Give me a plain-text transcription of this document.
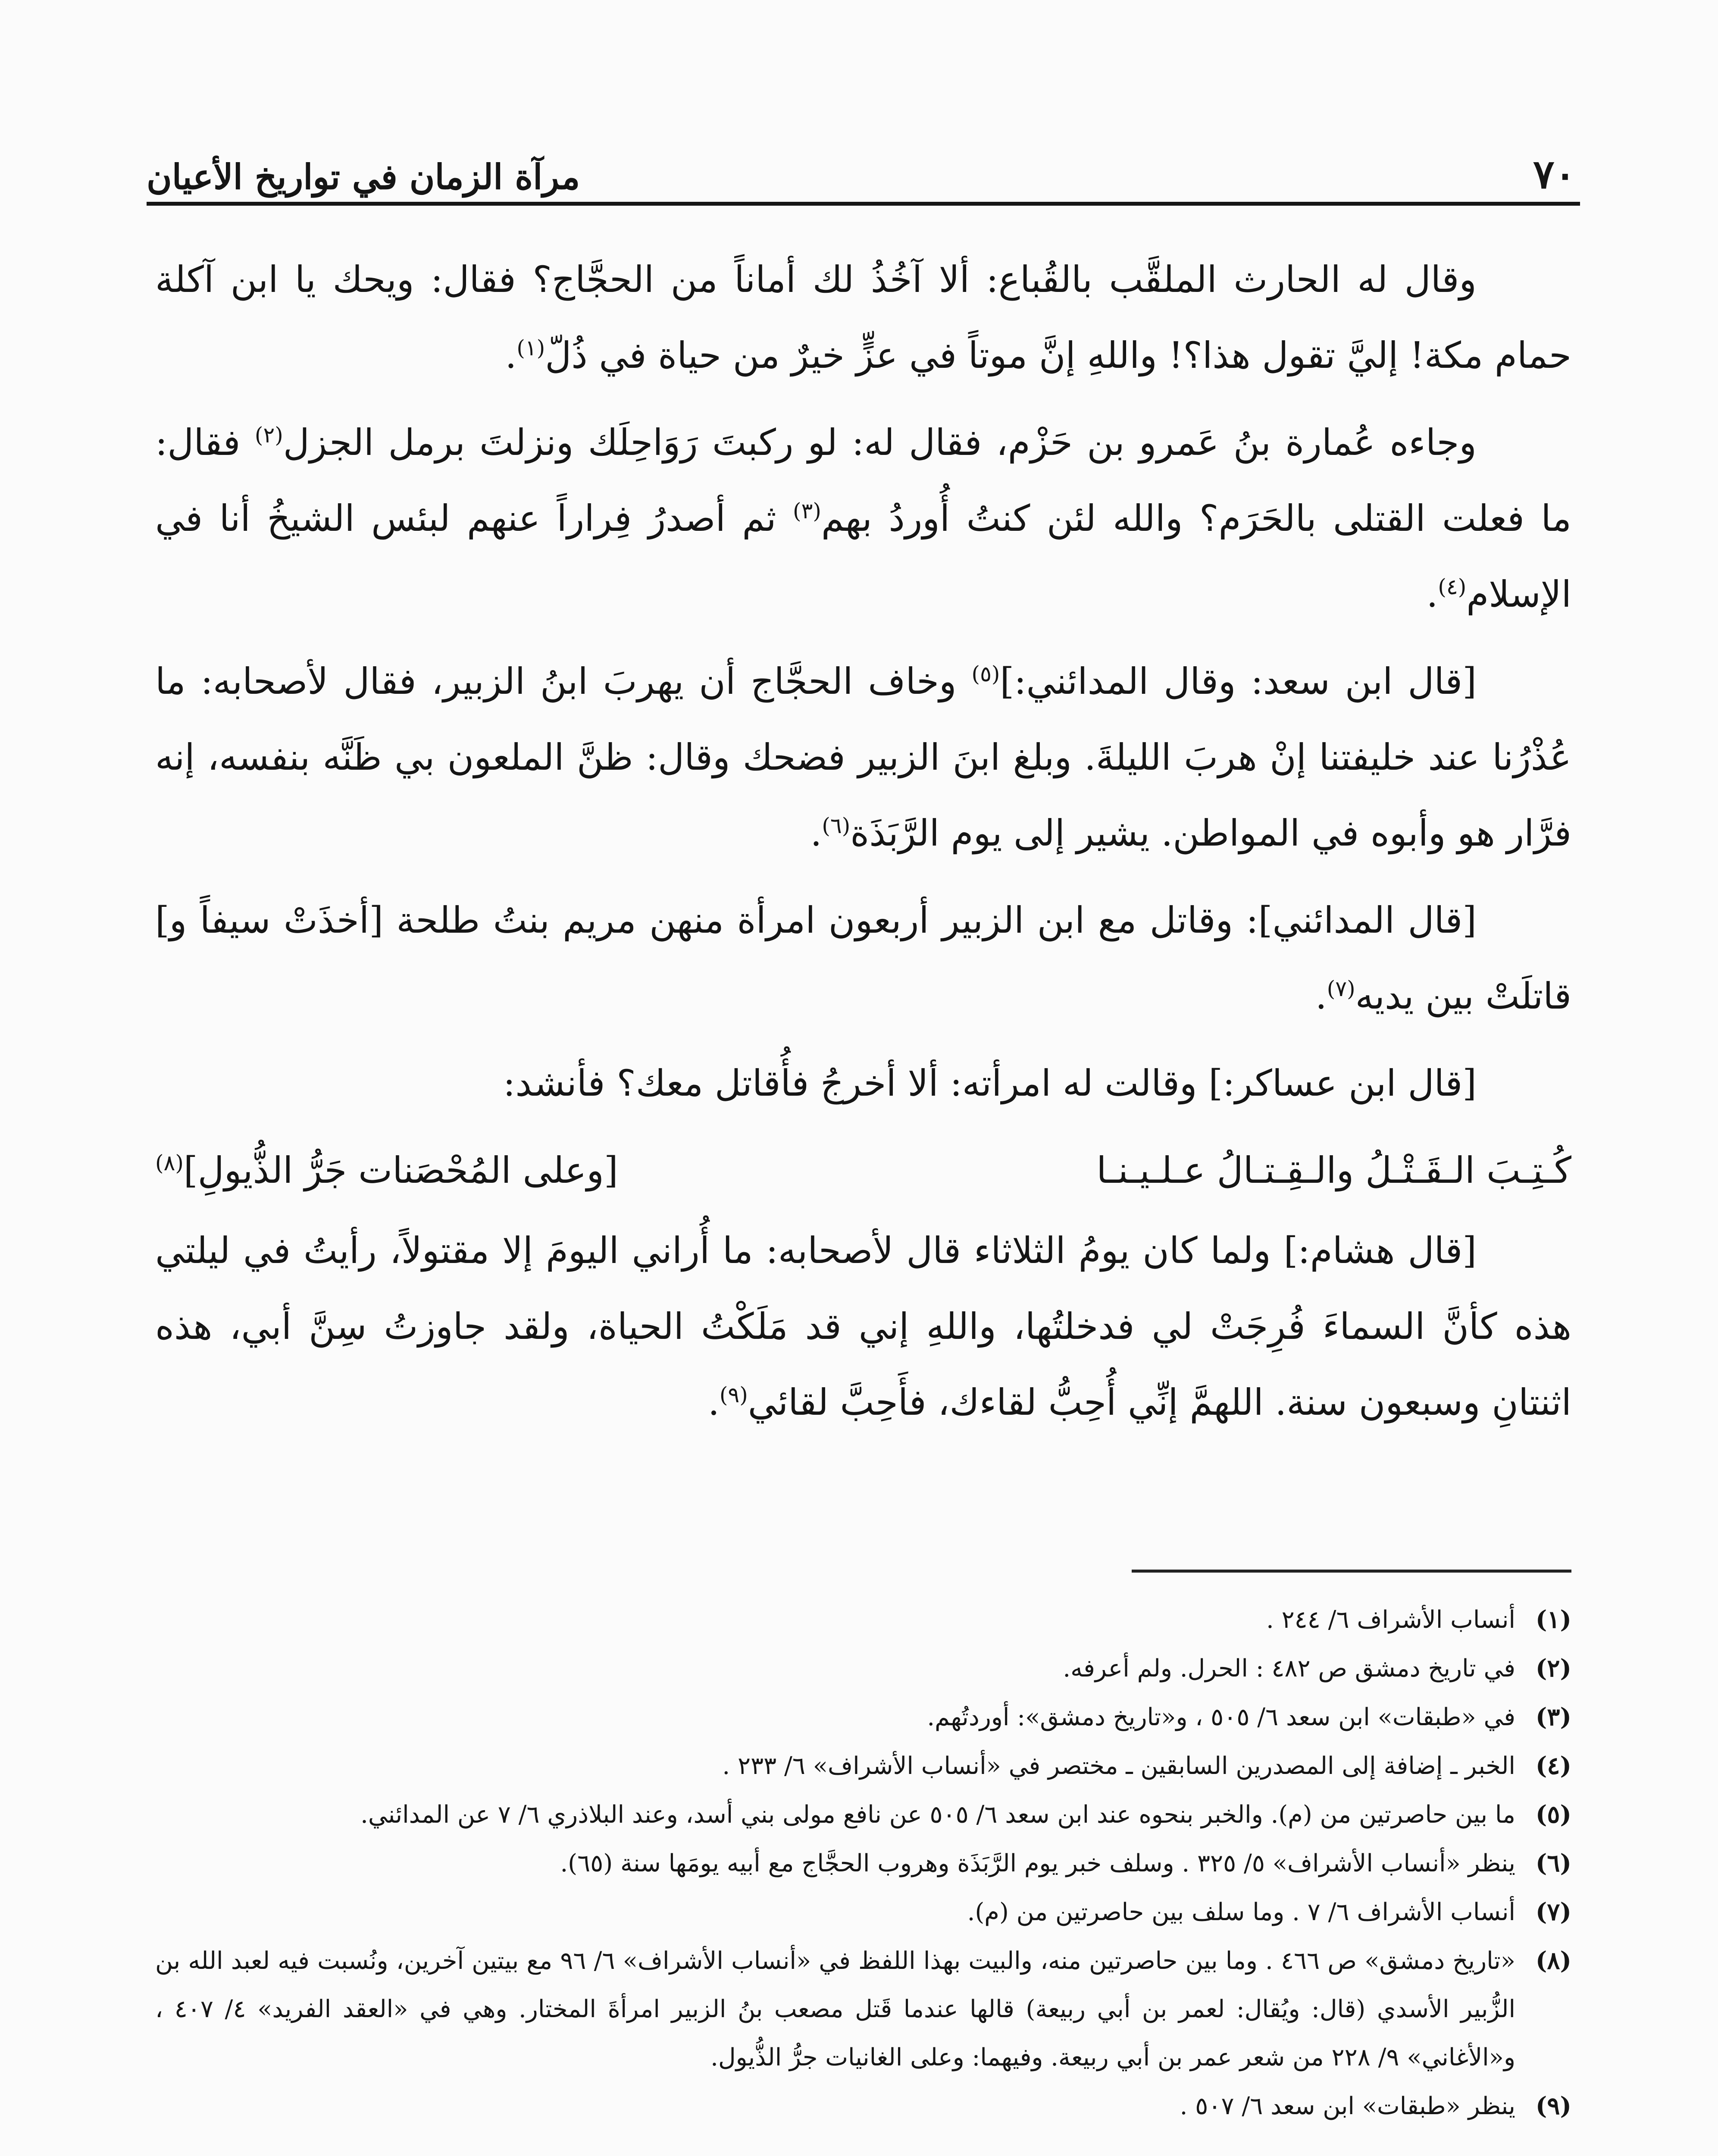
٧٠
مرآة الزمان في تواريخ الأعيان

وقال له الحارث الملقَّب بالقُباع: ألا آخُذُ لك أماناً من الحجَّاج؟ فقال: ويحك يا ابن آكلة حمام مكة! إليَّ تقول هذا؟! واللهِ إنَّ موتاً في عزٍّ خيرٌ من حياة في ذُلّ$^{(١)}$.

وجاءه عُمارة بنُ عَمرو بن حَزْم، فقال له: لو ركبتَ رَوَاحِلَك ونزلتَ برمل الجزل$^{(٢)}$ فقال: ما فعلت القتلى بالحَرَم؟ والله لئن كنتُ أُوردُ بهم$^{(٣)}$ ثم أصدرُ فِراراً عنهم لبئس الشيخُ أنا في الإسلام$^{(٤)}$.

[قال ابن سعد: وقال المدائني:]$^{(٥)}$ وخاف الحجَّاج أن يهربَ ابنُ الزبير، فقال لأصحابه: ما عُذْرُنا عند خليفتنا إنْ هربَ الليلةَ. وبلغ ابنَ الزبير فضحك وقال: ظنَّ الملعون بي ظَنَّه بنفسه، إنه فرَّار هو وأبوه في المواطن. يشير إلى يوم الرَّبَذَة$^{(٦)}$.

[قال المدائني]: وقاتل مع ابن الزبير أربعون امرأة منهن مريم بنتُ طلحة [أخذَتْ سيفاً و] قاتلَتْ بين يديه$^{(٧)}$.

[قال ابن عساكر:] وقالت له امرأته: ألا أخرجُ فأُقاتل معك؟ فأنشد:

كُـتِـبَ الـقَـتْـلُ والـقِـتـالُ عـلـيـنـا
[وعلى المُحْصَنات جَرُّ الذُّيولِ]$^{(٨)}$

[قال هشام:] ولما كان يومُ الثلاثاء قال لأصحابه: ما أُراني اليومَ إلا مقتولاً، رأيتُ في ليلتي هذه كأنَّ السماءَ فُرِجَتْ لي فدخلتُها، واللهِ إني قد مَلَكْتُ الحياة، ولقد جاوزتُ سِنَّ أبي، هذه اثنتانِ وسبعون سنة. اللهمَّ إنِّي أُحِبُّ لقاءك، فأَحِبَّ لقائي$^{(٩)}$.

(١)أنساب الأشراف ٦/ ٢٤٤ .

(٢)في تاريخ دمشق ص ٤٨٢ : الحرل. ولم أعرفه.

(٣)في «طبقات» ابن سعد ٦/ ٥٠٥ ، و«تاريخ دمشق»: أوردتُهم.

(٤)الخبر ـ إضافة إلى المصدرين السابقين ـ مختصر في «أنساب الأشراف» ٦/ ٢٣٣ .

(٥)ما بين حاصرتين من (م). والخبر بنحوه عند ابن سعد ٦/ ٥٠٥ عن نافع مولى بني أسد، وعند البلاذري ٦/ ٧ عن المدائني.

(٦)ينظر «أنساب الأشراف» ٥/ ٣٢٥ . وسلف خبر يوم الرَّبَذَة وهروب الحجَّاج مع أبيه يومَها سنة (٦٥).

(٧)أنساب الأشراف ٦/ ٧ . وما سلف بين حاصرتين من (م).

(٨)«تاريخ دمشق» ص ٤٦٦ . وما بين حاصرتين منه، والبيت بهذا اللفظ في «أنساب الأشراف» ٦/ ٩٦ مع بيتين آخرين، ونُسبت فيه لعبد الله بن الزُّبير الأسدي (قال: ويُقال: لعمر بن أبي ربيعة) قالها عندما قَتل مصعب بنُ الزبير امرأةَ المختار. وهي في «العقد الفريد» ٤/ ٤٠٧ ، و«الأغاني» ٩/ ٢٢٨ من شعر عمر بن أبي ربيعة. وفيهما: وعلى الغانيات جرُّ الذُّيول.

(٩)ينظر «طبقات» ابن سعد ٦/ ٥٠٧ .
